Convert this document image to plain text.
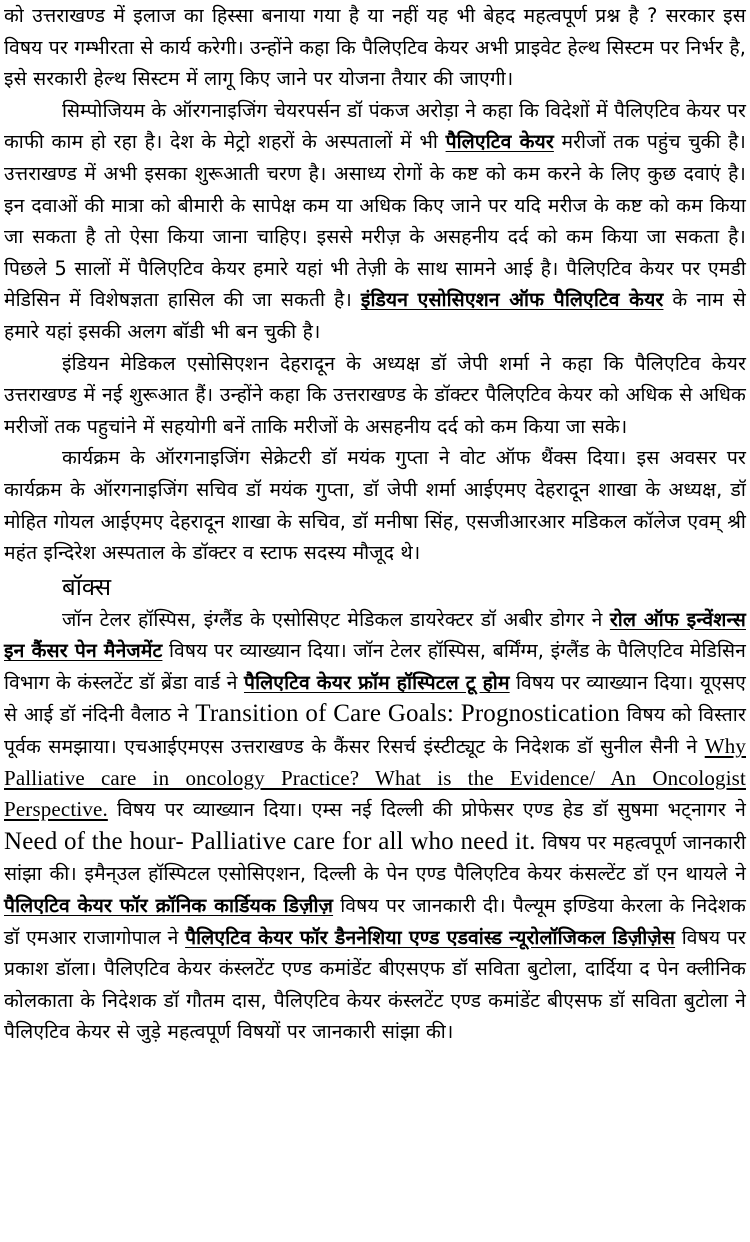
को उत्तराखण्ड में इलाज का हिस्सा बनाया गया है या नहीं यह भी बेहद महत्वपूर्ण प्रश्न है ? सरकार इस विषय पर गम्भीरता से कार्य करेगी। उन्होंने कहा कि पैलिएटिव केयर अभी प्राइवेट हेल्थ सिस्टम पर निर्भर है, इसे सरकारी हेल्थ सिस्टम में लागू किए जाने पर योजना तैयार की जाएगी।

सिम्पोजियम के ऑरगनाइजिंग चेयरपर्सन डॉ पंकज अरोड़ा ने कहा कि विदेशों में पैलिएटिव केयर पर काफी काम हो रहा है। देश के मेट्रो शहरों के अस्पतालों में भी पैलिएटिव केयर मरीजों तक पहुंच चुकी है। उत्तराखण्ड में अभी इसका शुरूआती चरण है। असाध्य रोगों के कष्ट को कम करने के लिए कुछ दवाएं है। इन दवाओं की मात्रा को बीमारी के सापेक्ष कम या अधिक किए जाने पर यदि मरीज के कष्ट को कम किया जा सकता है तो ऐसा किया जाना चाहिए। इससे मरीज़ के असहनीय दर्द को कम किया जा सकता है। पिछले 5 सालों में पैलिएटिव केयर हमारे यहां भी तेज़ी के साथ सामने आई है। पैलिएटिव केयर पर एमडी मेडिसिन में विशेषज्ञता हासिल की जा सकती है। इंडियन एसोसिएशन ऑफ पैलिएटिव केयर के नाम से हमारे यहां इसकी अलग बॉडी भी बन चुकी है।

इंडियन मेडिकल एसोसिएशन देहरादून के अध्यक्ष डॉ जेपी शर्मा ने कहा कि पैलिएटिव केयर उत्तराखण्ड में नई शुरूआत हैं। उन्होंने कहा कि उत्तराखण्ड के डॉक्टर पैलिएटिव केयर को अधिक से अधिक मरीजों तक पहुचांने में सहयोगी बनें ताकि मरीजों के असहनीय दर्द को कम किया जा सके।

कार्यक्रम के ऑरगनाइजिंग सेक्रेटरी डॉ मयंक गुप्ता ने वोट ऑफ थैंक्स दिया। इस अवसर पर कार्यक्रम के ऑरगनाइजिंग सचिव डॉ मयंक गुप्ता, डॉ जेपी शर्मा आईएमए देहरादून शाखा के अध्यक्ष, डॉ मोहित गोयल आईएमए देहरादून शाखा के सचिव, डॉ मनीषा सिंह, एसजीआरआर मडिकल कॉलेज एवम् श्री महंत इन्दिरेश अस्पताल के डॉक्टर व स्टाफ सदस्य मौजूद थे।

बॉक्स

जॉन टेलर हॉस्पिस, इंग्लैंड के एसोसिएट मेडिकल डायरेक्टर डॉ अबीर डोगर ने रोल ऑफ इन्वेंशन्स इन कैंसर पेन मैनेजमेंट विषय पर व्याख्यान दिया। जॉन टेलर हॉस्पिस, बर्मिंग्म, इंग्लैंड के पैलिएटिव मेडिसिन विभाग के कंस्लटेंट डॉ ब्रेंडा वार्ड ने पैलिएटिव केयर फ्रॉम हॉस्पिटल टू होम विषय पर व्याख्यान दिया। यूएसए से आई डॉ नंदिनी वैलाठ ने Transition of Care Goals: Prognostication विषय को विस्तार पूर्वक समझाया। एचआईएमएस उत्तराखण्ड के कैंसर रिसर्च इंस्टीट्यूट के निदेशक डॉ सुनील सैनी ने Why Palliative care in oncology Practice? What is the Evidence/ An Oncologist Perspective. विषय पर व्याख्यान दिया। एम्स नई दिल्ली की प्रोफेसर एण्ड हेड डॉ सुषमा भट्नागर ने Need of the hour- Palliative care for all who need it. विषय पर महत्वपूर्ण जानकारी सांझा की। इमैन्उल हॉस्पिटल एसोसिएशन, दिल्ली के पेन एण्ड पैलिएटिव केयर कंसल्टेंट डॉ एन थायले ने पैलिएटिव केयर फॉर क्रॉनिक कार्डियक डिज़ीज़ विषय पर जानकारी दी। पैल्यूम इण्डिया केरला के निदेशक डॉ एमआर राजागोपाल ने पैलिएटिव केयर फॉर डैननेशिया एण्ड एडवांस्ड न्यूरोलॉजिकल डिज़ीज़ेस विषय पर प्रकाश डॉला। पैलिएटिव केयर कंस्लटेंट एण्ड कमांडेंट बीएसएफ डॉ सविता बुटोला, दार्दिया द पेन क्लीनिक कोलकाता के निदेशक डॉ गौतम दास, पैलिएटिव केयर कंस्लटेंट एण्ड कमांडेंट बीएसफ डॉ सविता बुटोला ने पैलिएटिव केयर से जुड़े महत्वपूर्ण विषयों पर जानकारी सांझा की।
